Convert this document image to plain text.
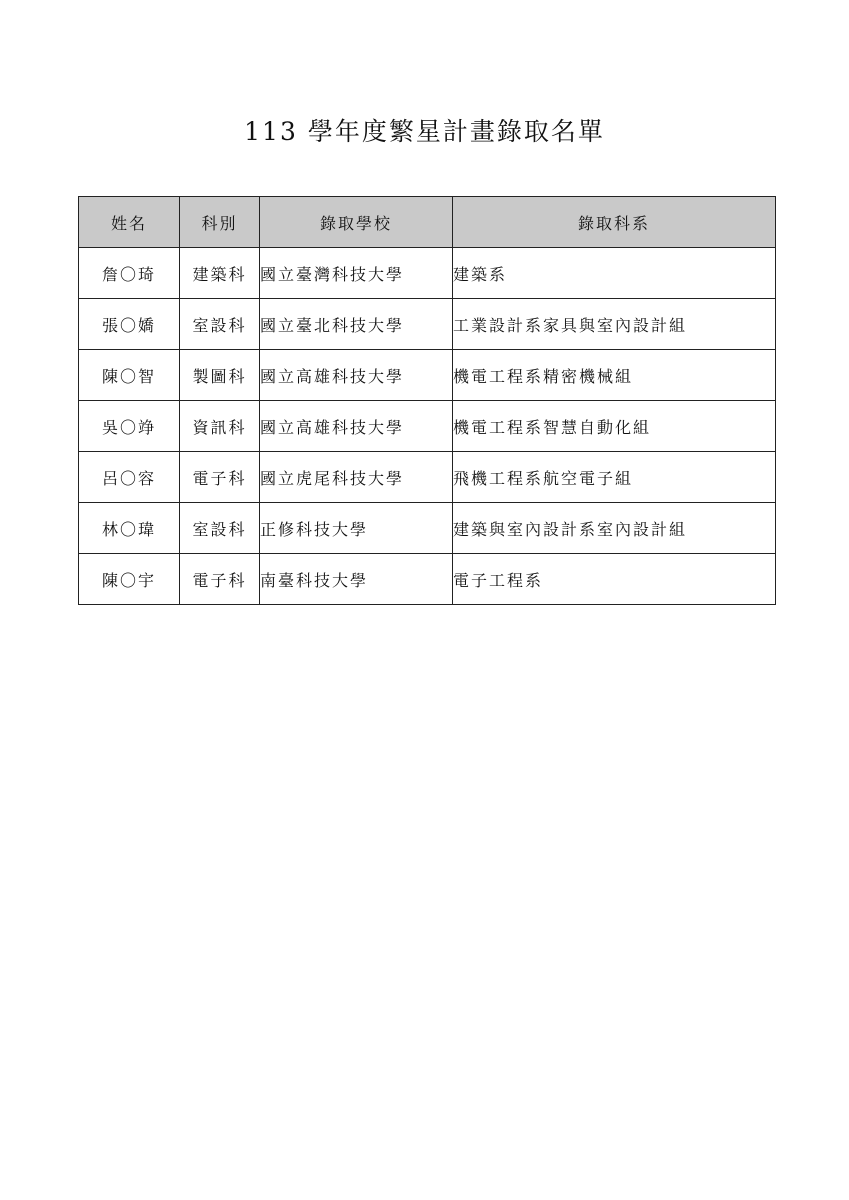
113 學年度繁星計畫錄取名單
姓名	科別	錄取學校	錄取科系
詹〇琦	建築科	國立臺灣科技大學	建築系
張〇嬌	室設科	國立臺北科技大學	工業設計系家具與室內設計組
陳〇智	製圖科	國立高雄科技大學	機電工程系精密機械組
吳〇竫	資訊科	國立高雄科技大學	機電工程系智慧自動化組
呂〇容	電子科	國立虎尾科技大學	飛機工程系航空電子組
林〇瑋	室設科	正修科技大學	建築與室內設計系室內設計組
陳〇宇	電子科	南臺科技大學	電子工程系
